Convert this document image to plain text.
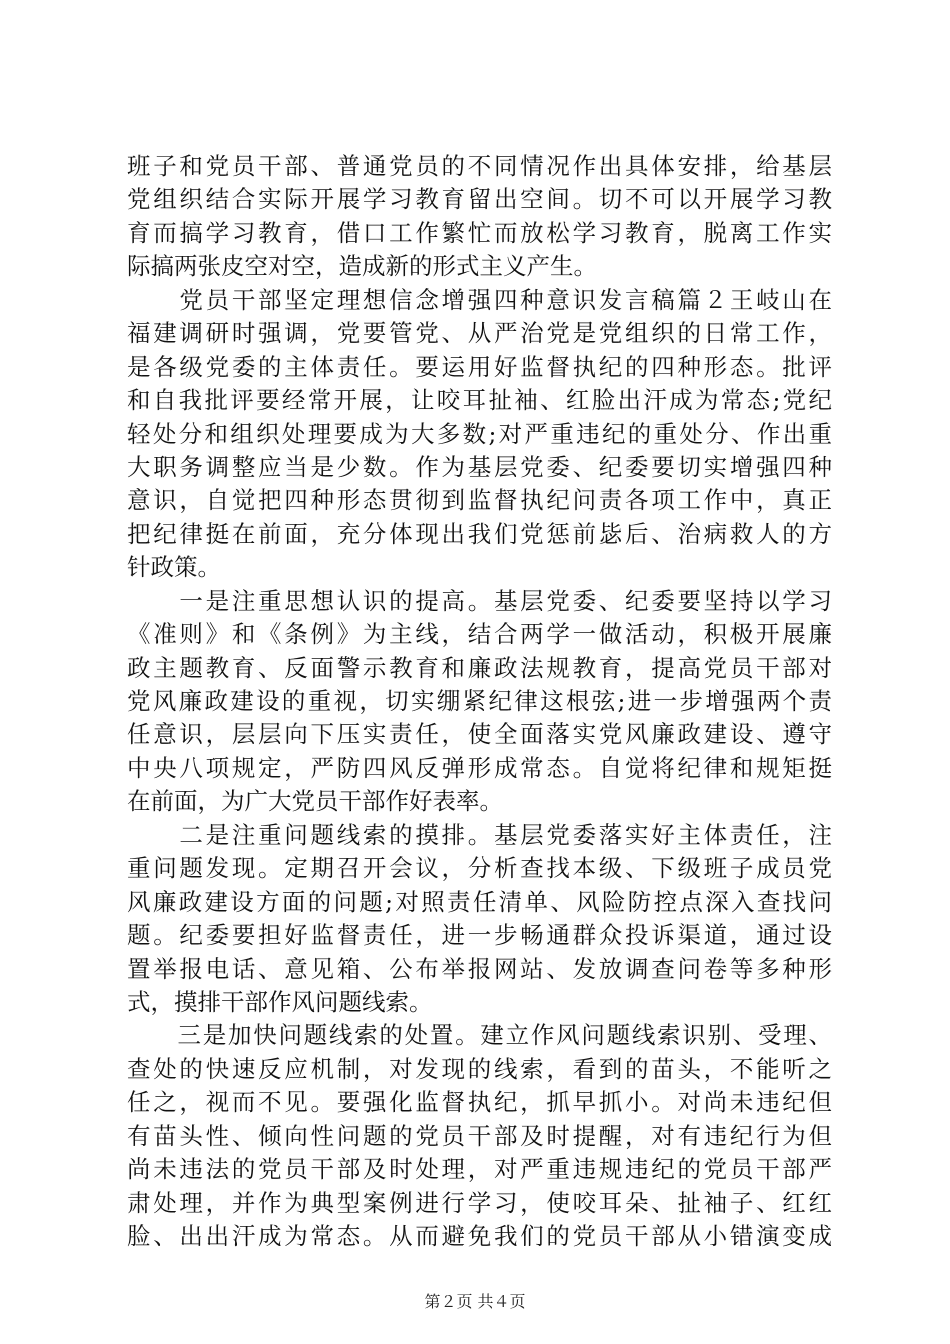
班子和党员干部、普通党员的不同情况作出具体安排，给基层
党组织结合实际开展学习教育留出空间。切不可以开展学习教
育而搞学习教育，借口工作繁忙而放松学习教育，脱离工作实
际搞两张皮空对空，造成新的形式主义产生。
　　党员干部坚定理想信念增强四种意识发言稿篇２王岐山在
福建调研时强调，党要管党、从严治党是党组织的日常工作，
是各级党委的主体责任。要运用好监督执纪的四种形态。批评
和自我批评要经常开展，让咬耳扯袖、红脸出汗成为常态;党纪
轻处分和组织处理要成为大多数;对严重违纪的重处分、作出重
大职务调整应当是少数。作为基层党委、纪委要切实增强四种
意识，自觉把四种形态贯彻到监督执纪问责各项工作中，真正
把纪律挺在前面，充分体现出我们党惩前毖后、治病救人的方
针政策。
　　一是注重思想认识的提高。基层党委、纪委要坚持以学习
《准则》和《条例》为主线，结合两学一做活动，积极开展廉
政主题教育、反面警示教育和廉政法规教育，提高党员干部对
党风廉政建设的重视，切实绷紧纪律这根弦;进一步增强两个责
任意识，层层向下压实责任，使全面落实党风廉政建设、遵守
中央八项规定，严防四风反弹形成常态。自觉将纪律和规矩挺
在前面，为广大党员干部作好表率。
　　二是注重问题线索的摸排。基层党委落实好主体责任，注
重问题发现。定期召开会议，分析查找本级、下级班子成员党
风廉政建设方面的问题;对照责任清单、风险防控点深入查找问
题。纪委要担好监督责任，进一步畅通群众投诉渠道，通过设
置举报电话、意见箱、公布举报网站、发放调查问卷等多种形
式，摸排干部作风问题线索。
　　三是加快问题线索的处置。建立作风问题线索识别、受理、
查处的快速反应机制，对发现的线索，看到的苗头，不能听之
任之，视而不见。要强化监督执纪，抓早抓小。对尚未违纪但
有苗头性、倾向性问题的党员干部及时提醒，对有违纪行为但
尚未违法的党员干部及时处理，对严重违规违纪的党员干部严
肃处理，并作为典型案例进行学习，使咬耳朵、扯袖子、红红
脸、出出汗成为常态。从而避免我们的党员干部从小错演变成
第２页 共４页
